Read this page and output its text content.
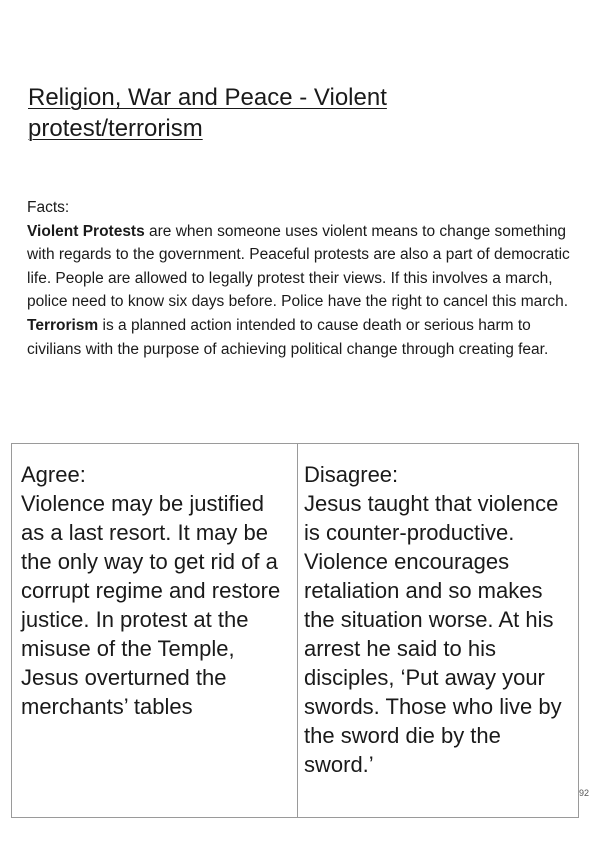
Religion, War and Peace - Violent protest/terrorism

Facts:

Violent Protests are when someone uses violent means to change something with regards to the government. Peaceful protests are also a part of democratic life. People are allowed to legally protest their views. If this involves a march, police need to know six days before. Police have the right to cancel this march.

Terrorism is a planned action intended to cause death or serious harm to civilians with the purpose of achieving political change through creating fear.

Agree:
Violence may be justified as a last resort. It may be the only way to get rid of a corrupt regime and restore justice. In protest at the misuse of the Temple, Jesus overturned the merchants’ tables
Disagree:
Jesus taught that violence is counter-productive. Violence encourages retaliation and so makes the situation worse. At his arrest he said to his disciples, ‘Put away your swords. Those who live by the sword die by the sword.’
92
